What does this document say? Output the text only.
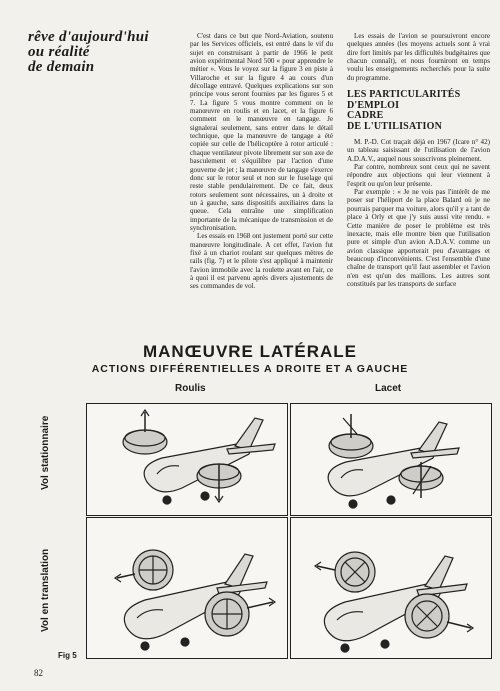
rêve d'aujourd'hui
ou réalité
de demain

C'est dans ce but que Nord-Aviation, soutenu par les Services officiels, est entré dans le vif du sujet en construisant à partir de 1966 le petit avion expérimental Nord 500 « pour apprendre le métier ». Vous le voyez sur la figure 3 en piste à Villaroche et sur la figure 4 au cours d'un décollage entravé. Quelques explications sur son principe vous seront fournies par les figures 5 et 7. La figure 5 vous montre comment on le manœuvre en roulis et en lacet, et la figure 6 comment on le manœuvre en tangage. Je signalerai seulement, sans entrer dans le détail technique, que la manœuvre de tangage a été copiée sur celle de l'hélicoptère à rotor articulé : chaque ventilateur pivote librement sur son axe de basculement et s'équilibre par l'action d'une gouverne de jet ; la manœuvre de tangage s'exerce donc sur le rotor seul et non sur le fuselage qui reste stable pendulairement. De ce fait, deux rotors seulement sont nécessaires, un à droite et un à gauche, sans dispositifs auxiliaires dans la queue. Cela entraîne une simplification importante de la mécanique de transmission et de synchronisation.

Les essais en 1968 ont justement porté sur cette manœuvre longitudinale. A cet effet, l'avion fut fixé à un chariot roulant sur quelques mètres de rails (fig. 7) et le pilote s'est appliqué à maintenir l'avion immobile avec la roulette avant en l'air, ce à quoi il est parvenu après divers ajustements de ses commandes de vol.

Les essais de l'avion se poursuivront encore quelques années (les moyens actuels sont à vrai dire fort limités par les difficultés budgétaires que chacun connaît), et nous fourniront en temps voulu les enseignements recherchés pour la suite du programme.

LES PARTICULARITÉS
D'EMPLOI
CADRE
DE L'UTILISATION

M. P.-D. Cot traçait déjà en 1967 (Icare n° 42) un tableau saisissant de l'utilisation de l'avion A.D.A.V., auquel nous souscrivons pleinement.

Par contre, nombreux sont ceux qui ne savent répondre aux objections qui leur viennent à l'esprit ou qu'on leur présente.

Par exemple : « Je ne vois pas l'intérêt de me poser sur l'héliport de la place Balard où je ne pourrais parquer ma voiture, alors qu'il y a tant de place à Orly et que j'y suis aussi vite rendu. » Cette manière de poser le problème est très inexacte, mais elle montre bien que l'utilisation pure et simple d'un avion A.D.A.V. comme un avion classique apporterait peu d'avantages et beaucoup d'inconvénients. C'est l'ensemble d'une chaîne de transport qu'il faut assembler et l'avion n'en est qu'un des maillons. Les autres sont constitués par les transports de surface

MANŒUVRE LATÉRALE
ACTIONS DIFFÉRENTIELLES A DROITE ET A GAUCHE
Roulis	Lacet
Vol stationnaire
Vol en translation
Fig 5
82
